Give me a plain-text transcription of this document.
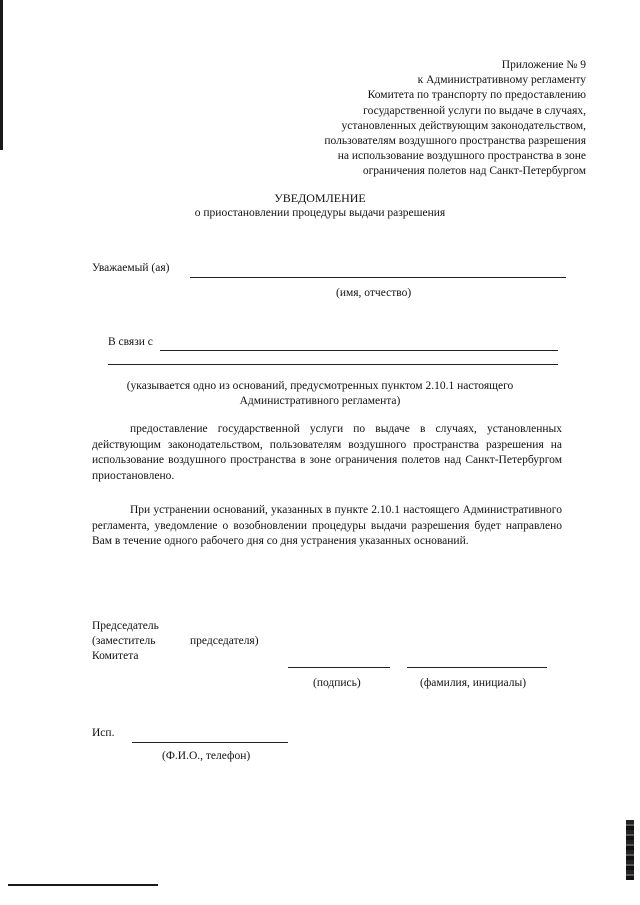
Приложение № 9
к Административному регламенту
Комитета по транспорту по предоставлению
государственной услуги по выдаче в случаях,
установленных действующим законодательством,
пользователям воздушного пространства разрешения
на использование воздушного пространства в зоне
ограничения полетов над Санкт-Петербургом
УВЕДОМЛЕНИЕ
о приостановлении процедуры выдачи разрешения
Уважаемый (ая)
(имя, отчество)
В связи с
(указывается одно из оснований, предусмотренных пунктом 2.10.1 настоящего
Административного регламента)

предоставление государственной услуги по выдаче в случаях, установленных действующим законодательством, пользователям воздушного пространства разрешения на использование воздушного пространства в зоне ограничения полетов над Санкт-Петербургом приостановлено.

При устранении оснований, указанных в пункте 2.10.1 настоящего Административного регламента, уведомление о возобновлении процедуры выдачи разрешения будет направлено Вам в течение одного рабочего дня со дня устранения указанных оснований.

Председатель
(заместитель	председателя)
Комитета
(подпись)	(фамилия, инициалы)
Исп.
(Ф.И.О., телефон)
